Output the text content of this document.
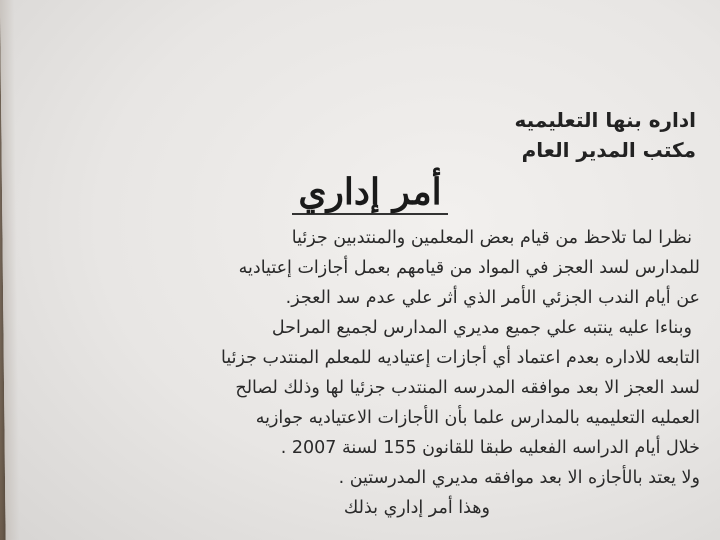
اداره بنها التعليميه
مكتب المدير العام
أمر إداري
نظرا لما تلاحظ من قيام بعض المعلمين والمنتدبين جزئيا
للمدارس لسد العجز في المواد من قيامهم بعمل أجازات إعتياديه
عن أيام الندب الجزئي الأمر الذي أثر علي عدم سد العجز.
وبناءا عليه ينتبه علي جميع مديري المدارس لجميع المراحل
التابعه للاداره بعدم اعتماد أي أجازات إعتياديه للمعلم المنتدب جزئيا
لسد العجز الا بعد موافقه المدرسه المنتدب جزئيا لها وذلك لصالح
العمليه التعليميه بالمدارس علما بأن الأجازات الاعتياديه جوازيه
خلال أيام الدراسه الفعليه طبقا للقانون 155 لسنة 2007 .
ولا يعتد بالأجازه الا بعد موافقه مديري المدرستين .
وهذا أمر إداري بذلك
